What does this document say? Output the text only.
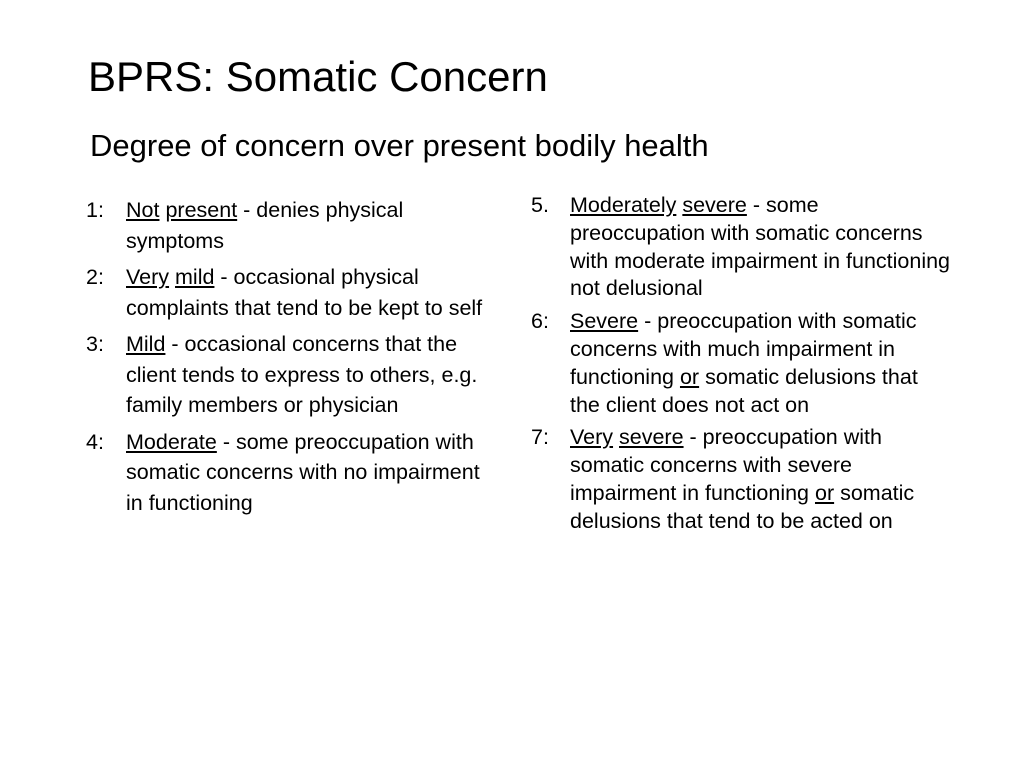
BPRS: Somatic Concern
Degree of concern over present bodily health
1:	Not present - denies physical symptoms
2:	Very mild - occasional physical complaints that tend to be kept to self
3:	Mild - occasional concerns that the client tends to express to others, e.g. family members or physician
4:	Moderate - some preoccupation with somatic concerns with no impairment in functioning
5. Moderately severe - some preoccupation with somatic concerns with moderate impairment in functioning not delusional
6: Severe - preoccupation with somatic concerns with much impairment in functioning or somatic delusions that the client does not act on
7: Very severe - preoccupation with somatic concerns with severe impairment in functioning or somatic delusions that tend to be acted on
